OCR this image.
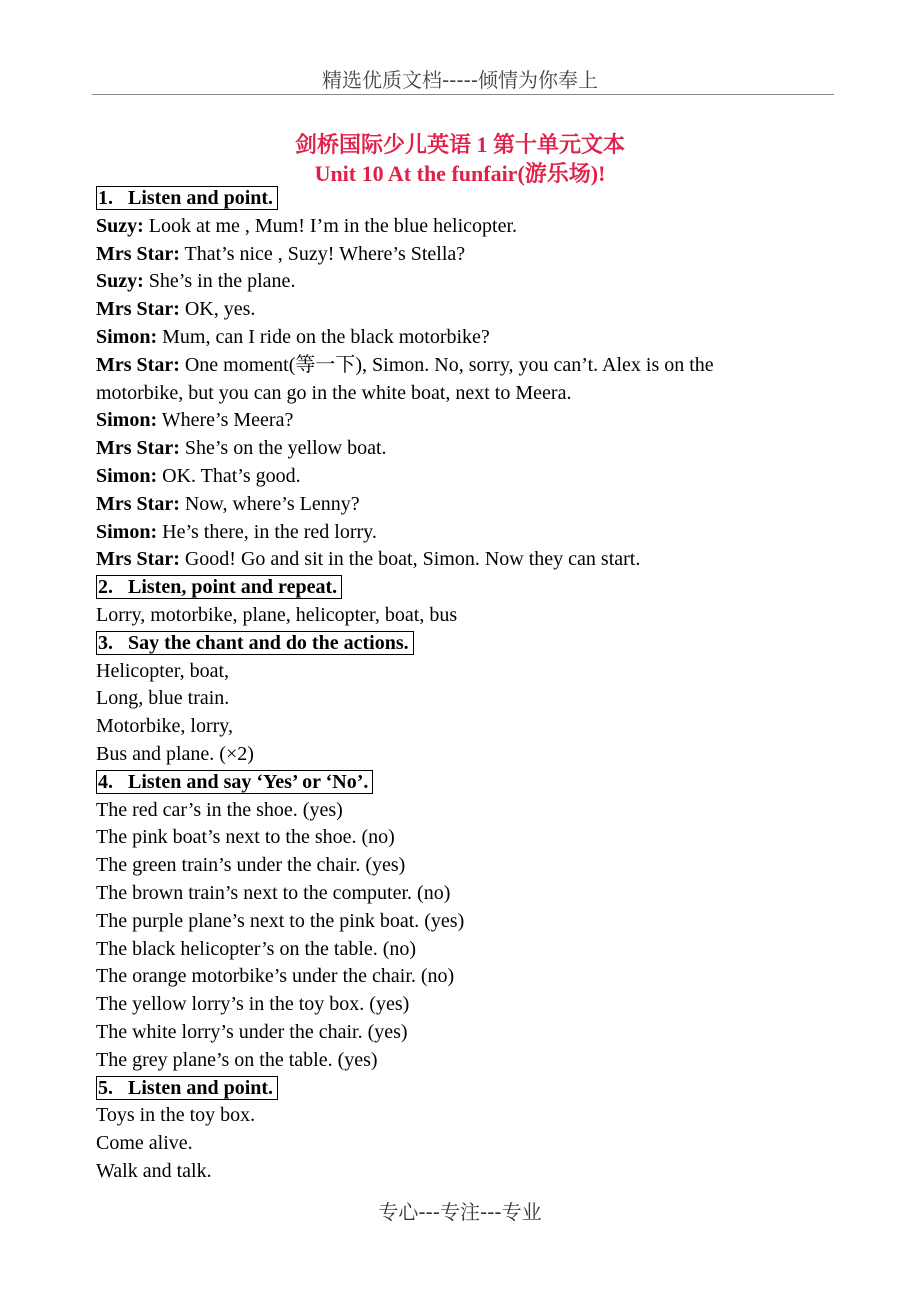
精选优质文档-----倾情为你奉上
剑桥国际少儿英语 1 第十单元文本
Unit 10 At the funfair(游乐场)!
1. Listen and point.
Suzy: Look at me , Mum! I’m in the blue helicopter.
Mrs Star: That’s nice , Suzy! Where’s Stella?
Suzy: She’s in the plane.
Mrs Star: OK, yes.
Simon: Mum, can I ride on the black motorbike?
Mrs Star: One moment(等一下), Simon. No, sorry, you can’t. Alex is on the
motorbike, but you can go in the white boat, next to Meera.
Simon: Where’s Meera?
Mrs Star: She’s on the yellow boat.
Simon: OK. That’s good.
Mrs Star: Now, where’s Lenny?
Simon: He’s there, in the red lorry.
Mrs Star: Good! Go and sit in the boat, Simon. Now they can start.
2. Listen, point and repeat.
Lorry, motorbike, plane, helicopter, boat, bus
3. Say the chant and do the actions.
Helicopter, boat,
Long, blue train.
Motorbike, lorry,
Bus and plane. (×2)
4. Listen and say ‘Yes’ or ‘No’.
The red car’s in the shoe. (yes)
The pink boat’s next to the shoe. (no)
The green train’s under the chair. (yes)
The brown train’s next to the computer. (no)
The purple plane’s next to the pink boat. (yes)
The black helicopter’s on the table. (no)
The orange motorbike’s under the chair. (no)
The yellow lorry’s in the toy box. (yes)
The white lorry’s under the chair. (yes)
The grey plane’s on the table. (yes)
5. Listen and point.
Toys in the toy box.
Come alive.
Walk and talk.
专心---专注---专业
